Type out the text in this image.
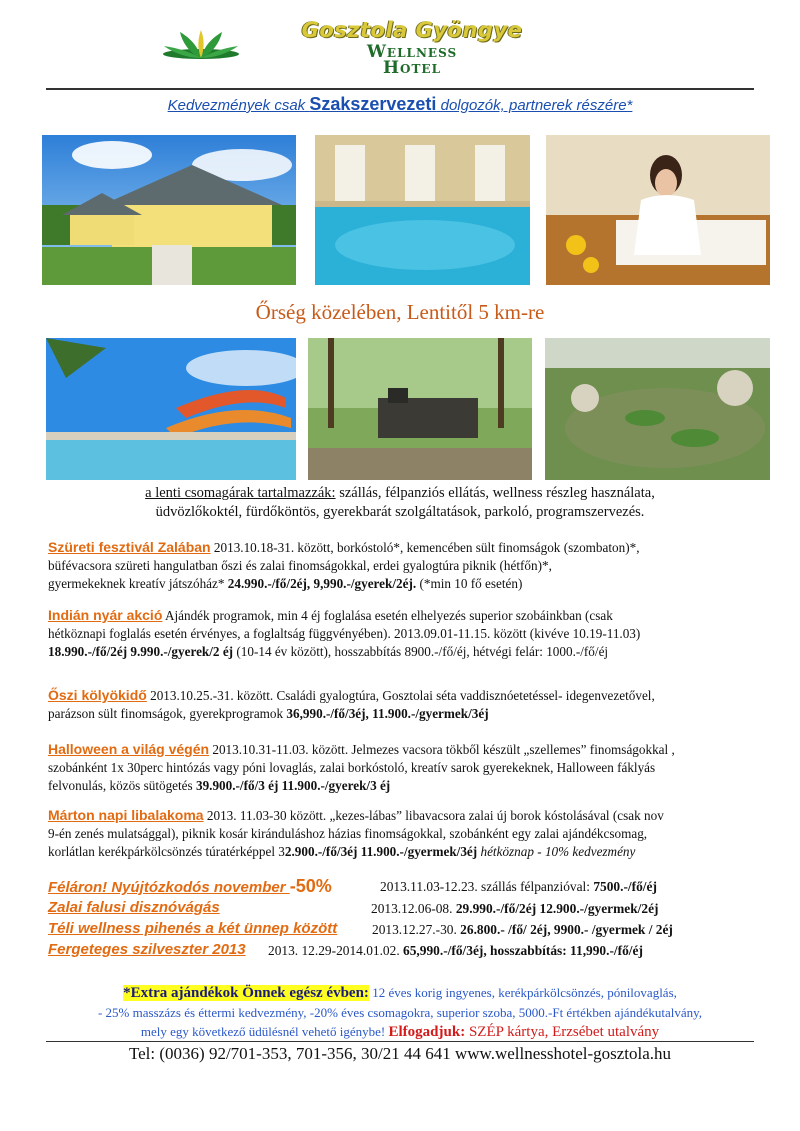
Gosztola Gyöngye
Wellness
Hotel
Kedvezmények csak Szakszervezeti dolgozók, partnerek részére*
Őrség közelében, Lentitől 5 km-re
a lenti csomagárak tartalmazzák: szállás, félpanziós ellátás, wellness részleg használata,
üdvözlőkoktél, fürdőköntös, gyerekbarát szolgáltatások, parkoló, programszervezés.
Szüreti fesztivál Zalában 2013.10.18-31. között, borkóstoló*, kemencében sült finomságok (szombaton)*,
büfévacsora szüreti hangulatban őszi és zalai finomságokkal, erdei gyalogtúra piknik (hétfőn)*,
gyermekeknek kreatív játszóház* 24.990.-/fő/2éj, 9,990.-/gyerek/2éj. (*min 10 fő esetén)
Indián nyár akció Ajándék programok, min 4 éj foglalása esetén elhelyezés superior szobáinkban (csak
hétköznapi foglalás esetén érvényes, a foglaltság függvényében). 2013.09.01-11.15. között (kivéve 10.19-11.03)
18.990.-/fő/2éj 9.990.-/gyerek/2 éj (10-14 év között), hosszabbítás 8900.-/fő/éj, hétvégi felár: 1000.-/fő/éj
Őszi kölyökidő 2013.10.25.-31. között. Családi gyalogtúra, Gosztolai séta vaddisznóetetéssel- idegenvezetővel,
parázson sült finomságok, gyerekprogramok 36,990.-/fő/3éj, 11.900.-/gyermek/3éj
Halloween a világ végén 2013.10.31-11.03. között. Jelmezes vacsora tökből készült „szellemes” finomságokkal ,
szobánként 1x 30perc hintózás vagy póni lovaglás, zalai borkóstoló, kreatív sarok gyerekeknek, Halloween fáklyás
felvonulás, közös sütögetés 39.900.-/fő/3 éj 11.900.-/gyerek/3 éj
Márton napi libalakoma 2013. 11.03-30 között. „kezes-lábas” libavacsora zalai új borok kóstolásával (csak nov
9-én zenés mulatsággal), piknik kosár kiránduláshoz házias finomságokkal, szobánként egy zalai ajándékcsomag,
korlátlan kerékpárkölcsönzés túratérképpel 32.900.-/fő/3éj 11.900.-/gyermek/3éj hétköznap - 10% kedvezmény
Féláron! Nyújtózkodós november -50%	2013.11.03-12.23. szállás félpanzióval: 7500.-/fő/éj
Zalai falusi disznóvágás	2013.12.06-08. 29.990.-/fő/2éj 12.900.-/gyermek/2éj
Téli wellness pihenés a két ünnep között	2013.12.27.-30. 26.800.- /fő/ 2éj, 9900.- /gyermek / 2éj
Fergeteges szilveszter 2013 2013. 12.29-2014.01.02. 65,990.-/fő/3éj, hosszabbítás: 11,990.-/fő/éj
*Extra ajándékok Önnek egész évben: 12 éves korig ingyenes, kerékpárkölcsönzés, pónilovaglás,
- 25% masszázs és éttermi kedvezmény, -20% éves csomagokra, superior szoba, 5000.-Ft értékben ajándékutalvány,
mely egy következő üdülésnél vehető igénybe! Elfogadjuk: SZÉP kártya, Erzsébet utalvány
Tel: (0036) 92/701-353, 701-356, 30/21 44 641 www.wellnesshotel-gosztola.hu
